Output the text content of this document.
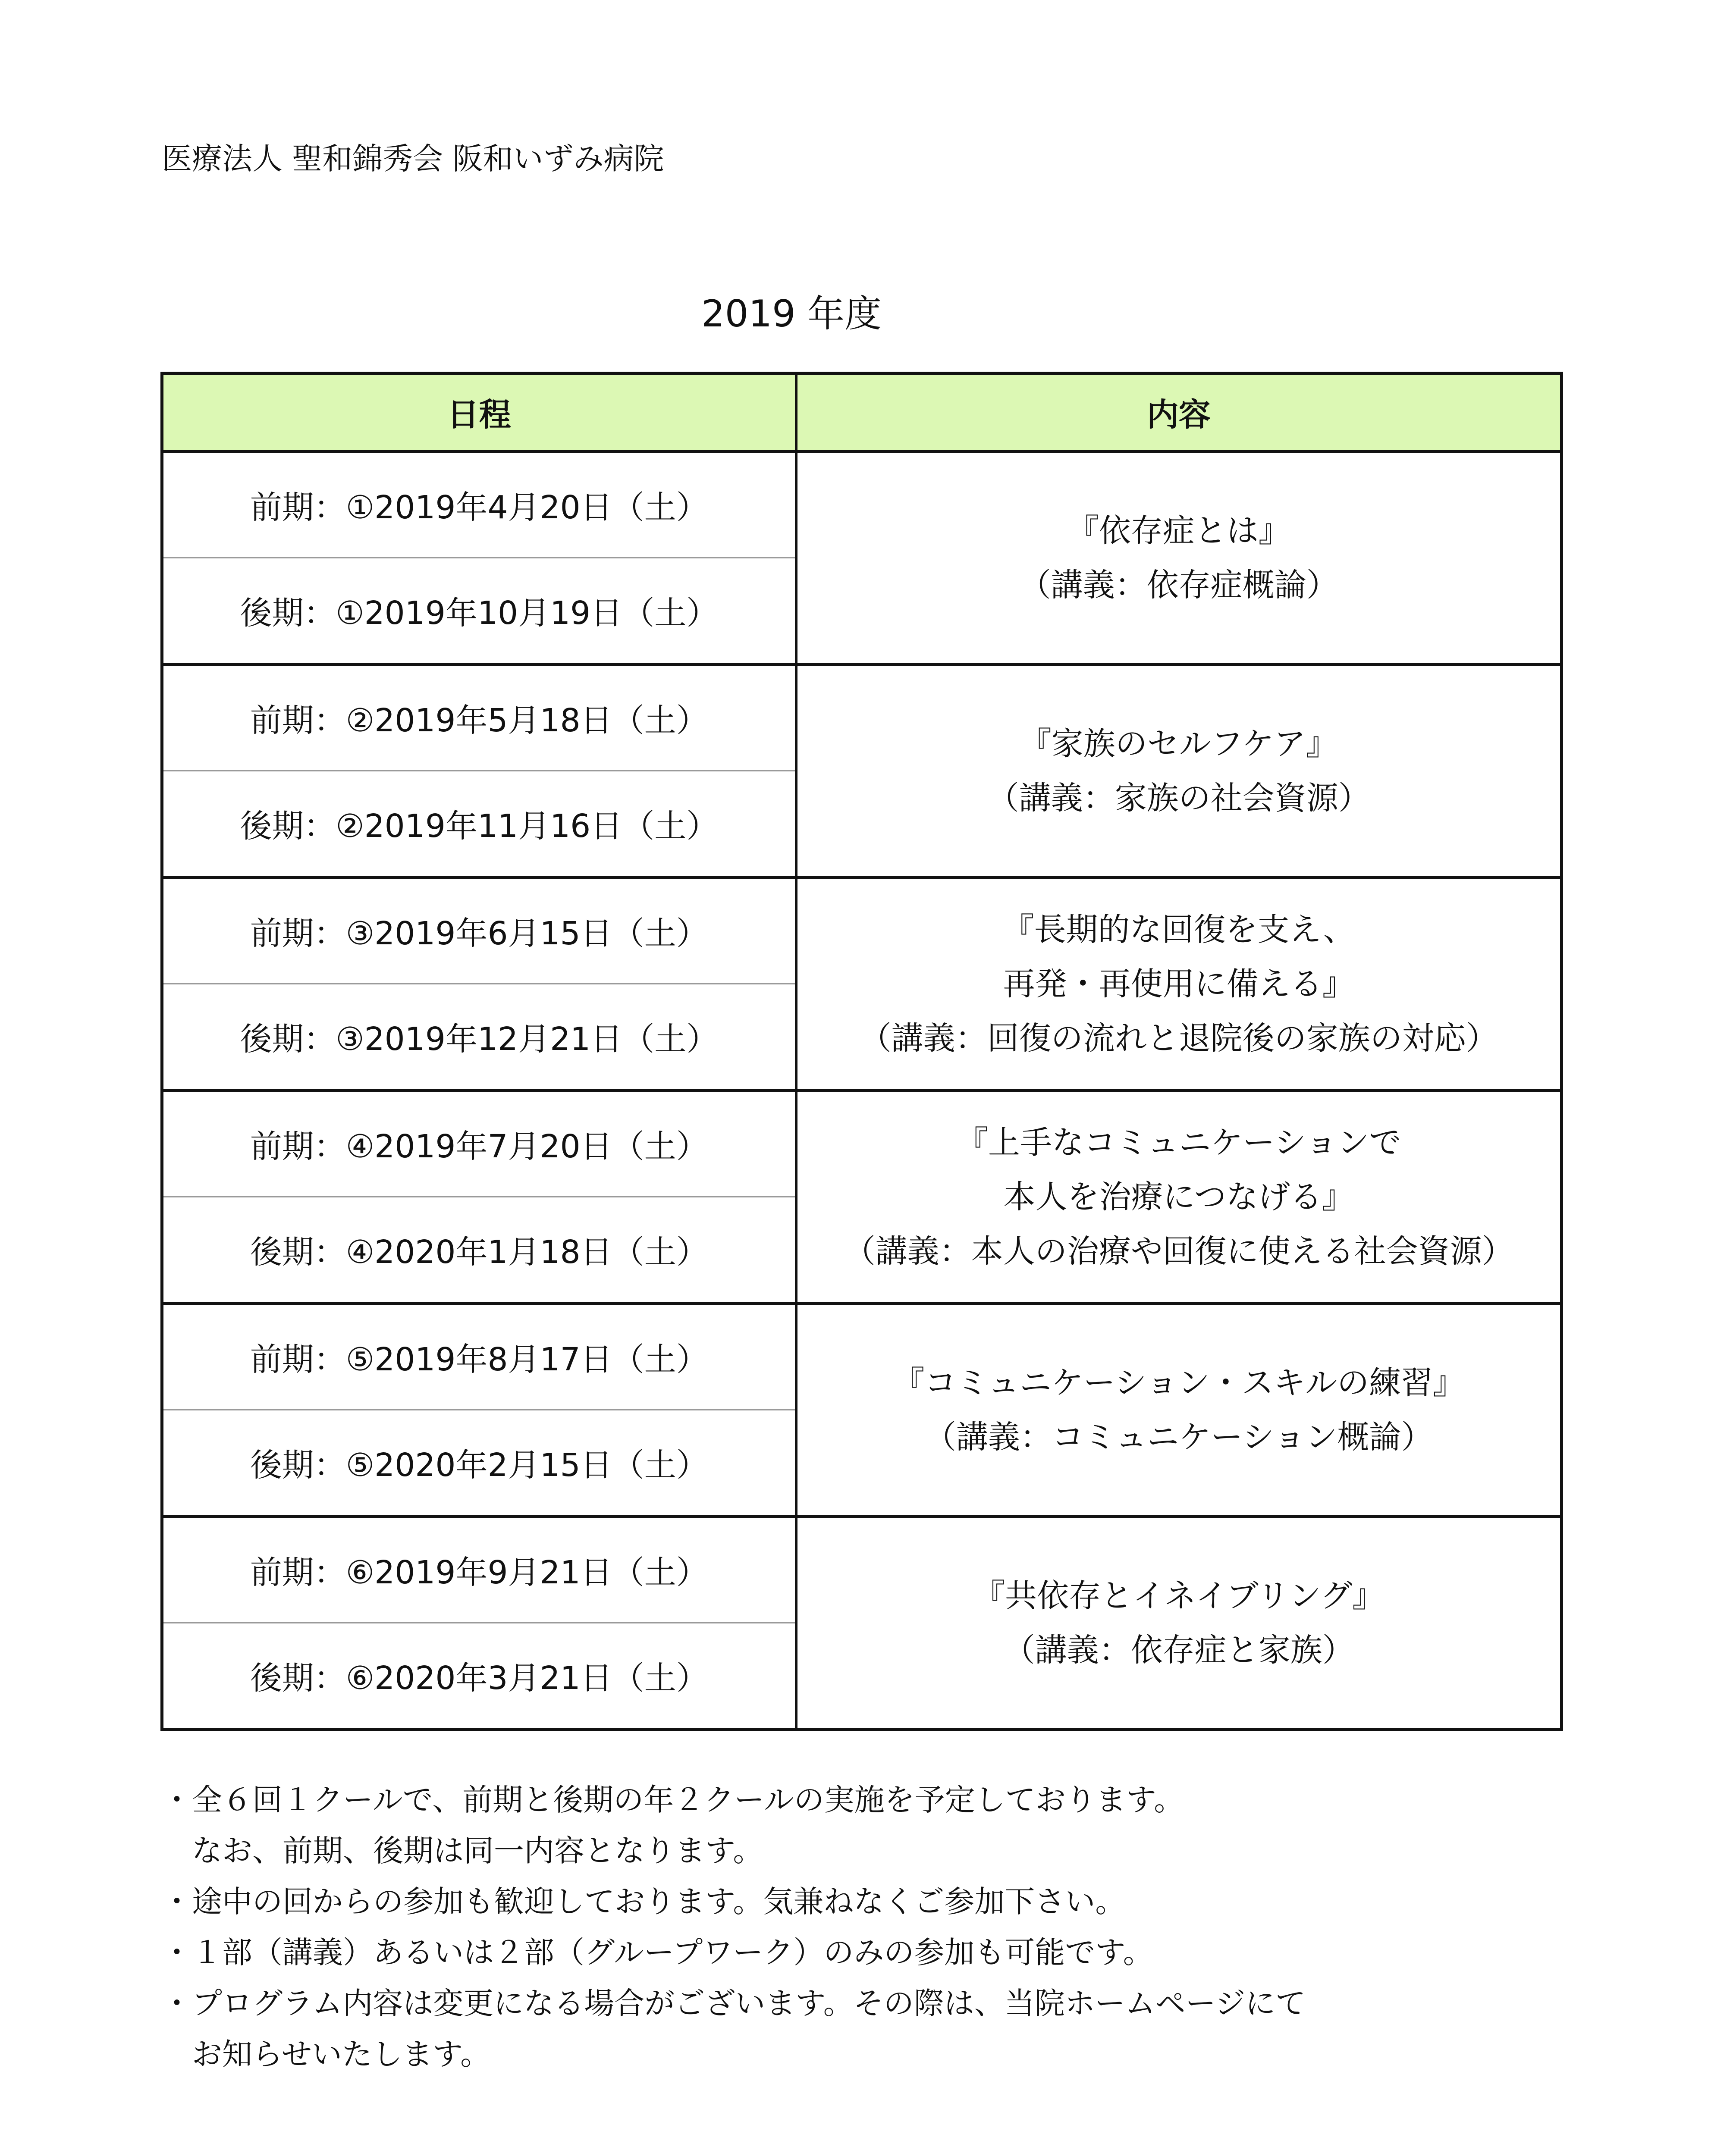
医療法人 聖和錦秀会 阪和いずみ病院
2019 年度
日程	内容
前期：①2019年4月20日（土）	『依存症とは』
（講義：依存症概論）

後期：①2019年10月19日（土）	
前期：②2019年5月18日（土）	『家族のセルフケア』
（講義：家族の社会資源）

後期：②2019年11月16日（土）	
前期：③2019年6月15日（土）	『長期的な回復を支え、
再発・再使用に備える』
（講義：回復の流れと退院後の家族の対応）

後期：③2019年12月21日（土）	
前期：④2019年7月20日（土）	『上手なコミュニケーションで
本人を治療につなげる』
（講義：本人の治療や回復に使える社会資源）

後期：④2020年1月18日（土）	
前期：⑤2019年8月17日（土）	『コミュニケーション・スキルの練習』
（講義：コミュニケーション概論）

後期：⑤2020年2月15日（土）	
前期：⑥2019年9月21日（土）	『共依存とイネイブリング』
（講義：依存症と家族）

後期：⑥2020年3月21日（土）	
・全６回１クールで、前期と後期の年２クールの実施を予定しております。
なお、前期、後期は同一内容となります。
・途中の回からの参加も歓迎しております。気兼ねなくご参加下さい。
・１部（講義）あるいは２部（グループワーク）のみの参加も可能です。
・プログラム内容は変更になる場合がございます。その際は、当院ホームページにて
お知らせいたします。
